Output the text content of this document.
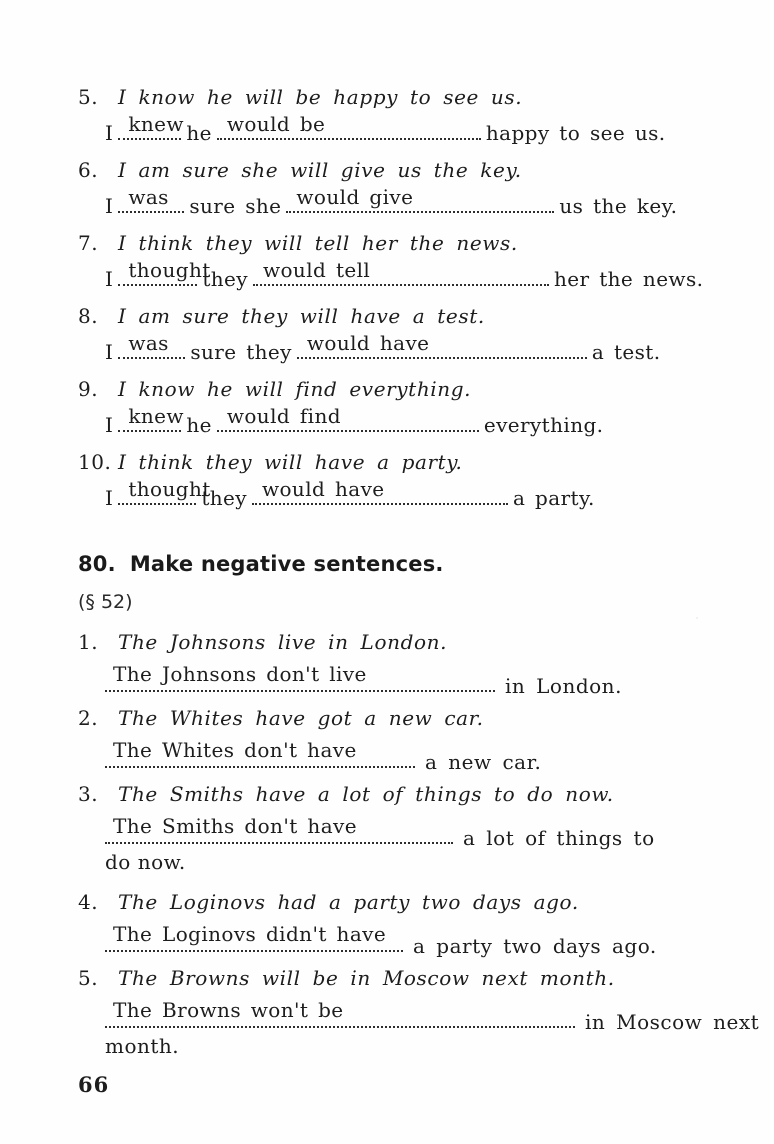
5. I know he will be happy to see us.
I knew he would be	happy to see us.
6. I am sure she will give us the key.
I was sure she would give	us the key.
7. I think they will tell her the news.
I thought
they would tell	her the news.
8. I am sure they will have a test.
I was sure they would have	a test.
9. I know he will find everything.
I knew he would find	everything.
10. I think they will have a party.
I thought
they would have	a party.
80. Make negative sentences.
(§ 52)
1. The Johnsons live in London.
The Johnsons don't live	in London.
2. The Whites have got a new car.
The Whites don't have	a new car.
3. The Smiths have a lot of things to do now.
The Smiths don't have	a lot of things to
do now.
4. The Loginovs had a party two days ago.
The Loginovs didn't have	a party two days ago.
5. The Browns will be in Moscow next month.
The Browns won't be	in Moscow next
month.
66
